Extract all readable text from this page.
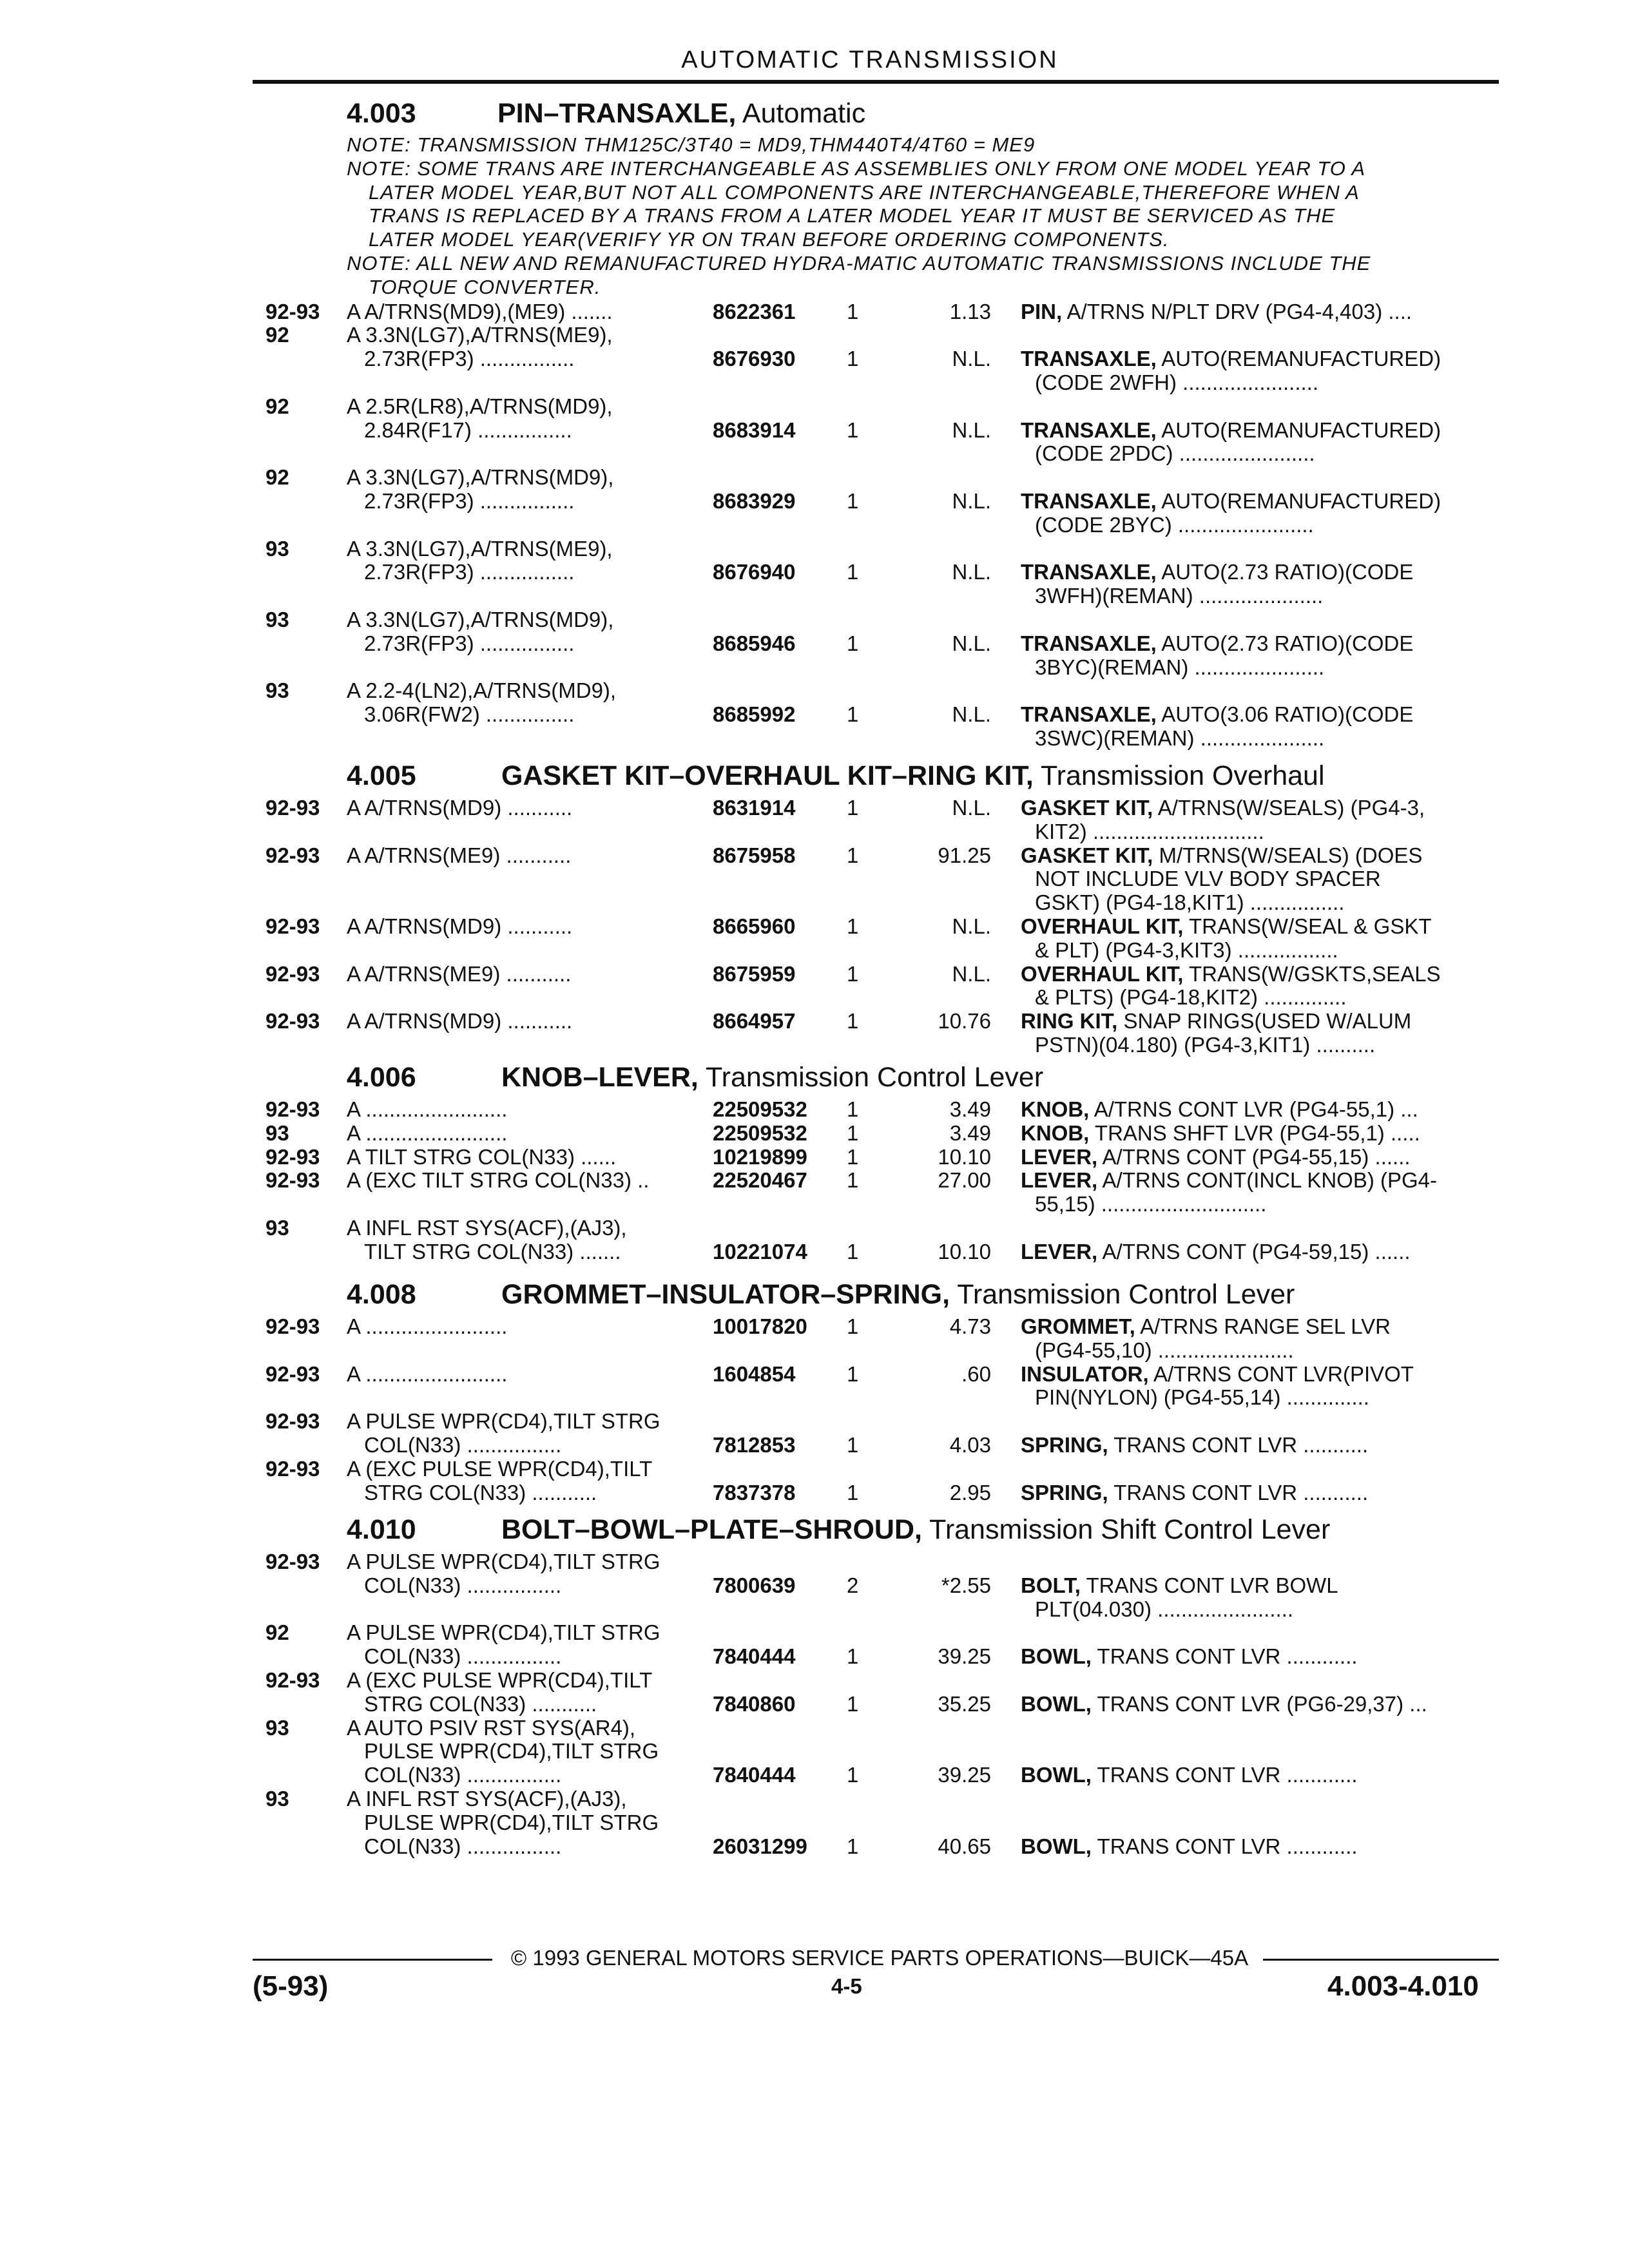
AUTOMATIC TRANSMISSION
4.003	PIN–TRANSAXLE, Automatic
NOTE: TRANSMISSION THM125C/3T40 = MD9,THM440T4/4T60 = ME9
NOTE: SOME TRANS ARE INTERCHANGEABLE AS ASSEMBLIES ONLY FROM ONE MODEL YEAR TO A
LATER MODEL YEAR,BUT NOT ALL COMPONENTS ARE INTERCHANGEABLE,THEREFORE WHEN A
TRANS IS REPLACED BY A TRANS FROM A LATER MODEL YEAR IT MUST BE SERVICED AS THE
LATER MODEL YEAR(VERIFY YR ON TRAN BEFORE ORDERING COMPONENTS.
NOTE: ALL NEW AND REMANUFACTURED HYDRA-MATIC AUTOMATIC TRANSMISSIONS INCLUDE THE
TORQUE CONVERTER.
92-93 A A/TRNS(MD9),(ME9) .......	8622361 1	1.13 PIN, A/TRNS N/PLT DRV (PG4-4,403) ....
92	A 3.3N(LG7),A/TRNS(ME9),
2.73R(FP3) ................	8676930 1	N.L. TRANSAXLE, AUTO(REMANUFACTURED)
(CODE 2WFH) .......................
92	A 2.5R(LR8),A/TRNS(MD9),
2.84R(F17) ................	8683914 1	N.L. TRANSAXLE, AUTO(REMANUFACTURED)
(CODE 2PDC) .......................
92	A 3.3N(LG7),A/TRNS(MD9),
2.73R(FP3) ................	8683929 1	N.L. TRANSAXLE, AUTO(REMANUFACTURED)
(CODE 2BYC) .......................
93	A 3.3N(LG7),A/TRNS(ME9),
2.73R(FP3) ................	8676940 1	N.L. TRANSAXLE, AUTO(2.73 RATIO)(CODE
3WFH)(REMAN) .....................
93	A 3.3N(LG7),A/TRNS(MD9),
2.73R(FP3) ................	8685946 1	N.L. TRANSAXLE, AUTO(2.73 RATIO)(CODE
3BYC)(REMAN) ......................
93	A 2.2-4(LN2),A/TRNS(MD9),
3.06R(FW2) ...............	8685992 1	N.L. TRANSAXLE, AUTO(3.06 RATIO)(CODE
3SWC)(REMAN) .....................
4.005	GASKET KIT–OVERHAUL KIT–RING KIT, Transmission Overhaul
92-93 A A/TRNS(MD9) ...........	8631914 1	N.L. GASKET KIT, A/TRNS(W/SEALS) (PG4-3,
KIT2) .............................
92-93 A A/TRNS(ME9) ...........	8675958 1	91.25 GASKET KIT, M/TRNS(W/SEALS) (DOES
NOT INCLUDE VLV BODY SPACER
GSKT) (PG4-18,KIT1) ................
92-93 A A/TRNS(MD9) ...........	8665960 1	N.L. OVERHAUL KIT, TRANS(W/SEAL & GSKT
& PLT) (PG4-3,KIT3) .................
92-93 A A/TRNS(ME9) ...........	8675959 1	N.L. OVERHAUL KIT, TRANS(W/GSKTS,SEALS
& PLTS) (PG4-18,KIT2) ..............
92-93 A A/TRNS(MD9) ...........	8664957 1	10.76 RING KIT, SNAP RINGS(USED W/ALUM
PSTN)(04.180) (PG4-3,KIT1) ..........
4.006	KNOB–LEVER, Transmission Control Lever
92-93 A ........................	22509532 1	3.49 KNOB, A/TRNS CONT LVR (PG4-55,1) ...
93	A ........................	22509532 1	3.49 KNOB, TRANS SHFT LVR (PG4-55,1) .....
92-93 A TILT STRG COL(N33) ......	10219899 1	10.10 LEVER, A/TRNS CONT (PG4-55,15) ......
92-93 A (EXC TILT STRG COL(N33) ..	22520467 1	27.00 LEVER, A/TRNS CONT(INCL KNOB) (PG4-
55,15) ............................
93	A INFL RST SYS(ACF),(AJ3),
TILT STRG COL(N33) .......	10221074 1	10.10 LEVER, A/TRNS CONT (PG4-59,15) ......
4.008	GROMMET–INSULATOR–SPRING, Transmission Control Lever
92-93 A ........................	10017820 1	4.73 GROMMET, A/TRNS RANGE SEL LVR
(PG4-55,10) .......................
92-93 A ........................	1604854 1	.60 INSULATOR, A/TRNS CONT LVR(PIVOT
PIN(NYLON) (PG4-55,14) ..............
92-93 A PULSE WPR(CD4),TILT STRG
COL(N33) ................	7812853 1	4.03 SPRING, TRANS CONT LVR ...........
92-93 A (EXC PULSE WPR(CD4),TILT
STRG COL(N33) ...........	7837378 1	2.95 SPRING, TRANS CONT LVR ...........
4.010	BOLT–BOWL–PLATE–SHROUD, Transmission Shift Control Lever
92-93 A PULSE WPR(CD4),TILT STRG
COL(N33) ................	7800639 2	*2.55 BOLT, TRANS CONT LVR BOWL
PLT(04.030) .......................
92	A PULSE WPR(CD4),TILT STRG
COL(N33) ................	7840444 1	39.25 BOWL, TRANS CONT LVR ............
92-93 A (EXC PULSE WPR(CD4),TILT
STRG COL(N33) ...........	7840860 1	35.25 BOWL, TRANS CONT LVR (PG6-29,37) ...
93	A AUTO PSIV RST SYS(AR4),
PULSE WPR(CD4),TILT STRG
COL(N33) ................	7840444 1	39.25 BOWL, TRANS CONT LVR ............
93	A INFL RST SYS(ACF),(AJ3),
PULSE WPR(CD4),TILT STRG
COL(N33) ................	26031299 1	40.65 BOWL, TRANS CONT LVR ............
© 1993 GENERAL MOTORS SERVICE PARTS OPERATIONS—BUICK—45A
(5-93)	4-5	4.003-4.010
